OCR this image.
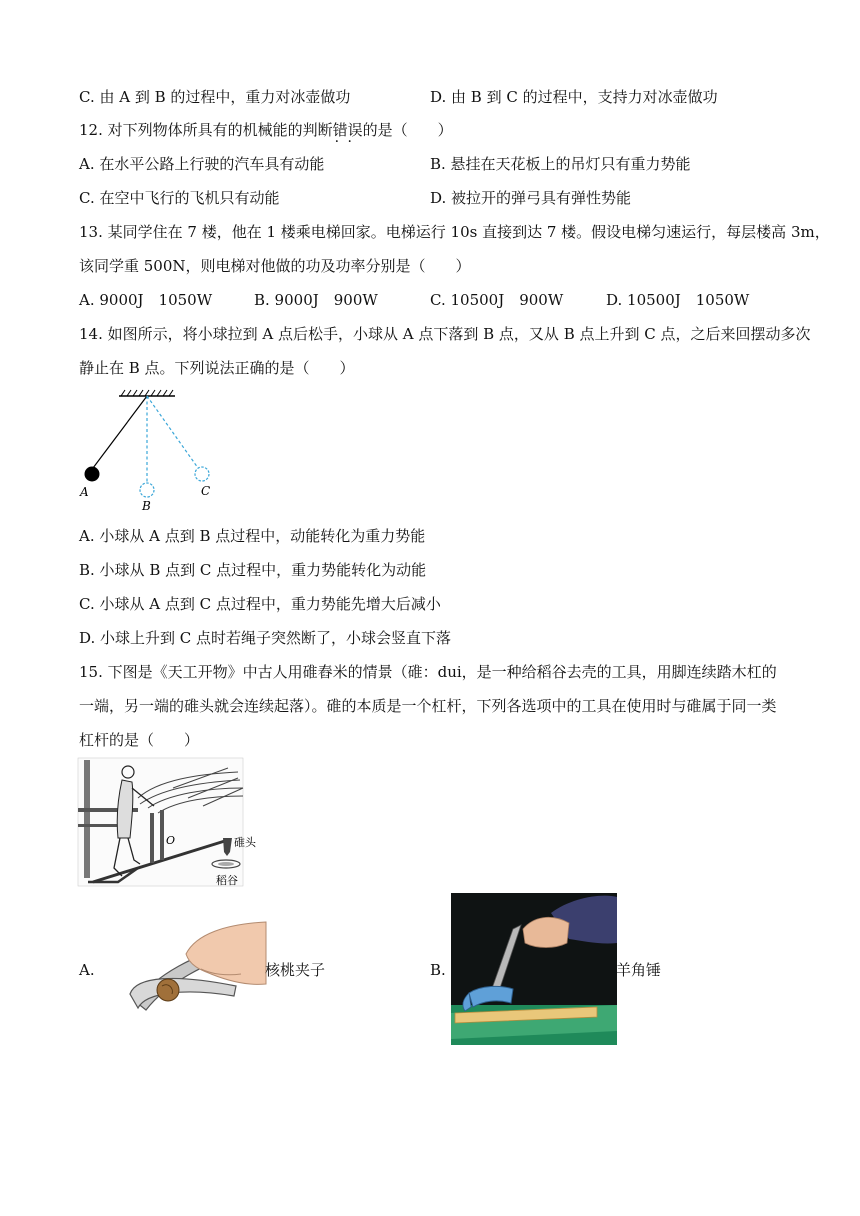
C. 由 A 到 B 的过程中，重力对冰壶做功	D. 由 B 到 C 的过程中，支持力对冰壶做功
12. 对下列物体所具有的机械能的判断错误 · ·的是（　　）
A. 在水平公路上行驶的汽车具有动能	B. 悬挂在天花板上的吊灯只有重力势能
C. 在空中飞行的飞机只有动能	D. 被拉开的弹弓具有弹性势能
13. 某同学住在 7 楼，他在 1 楼乘电梯回家。电梯运行 10s 直接到达 7 楼。假设电梯匀速运行，每层楼高 3m，
该同学重 500N，则电梯对他做的功及功率分别是（　　）
A. 9000J　1050W	B. 9000J　900W	C. 10500J　900W	D. 10500J　1050W
14. 如图所示，将小球拉到 A 点后松手，小球从 A 点下落到 B 点，又从 B 点上升到 C 点，之后来回摆动多次
静止在 B 点。下列说法正确的是（　　）
A
B
C
A. 小球从 A 点到 B 点过程中，动能转化为重力势能
B. 小球从 B 点到 C 点过程中，重力势能转化为动能
C. 小球从 A 点到 C 点过程中，重力势能先增大后减小
D. 小球上升到 C 点时若绳子突然断了，小球会竖直下落
15. 下图是《天工开物》中古人用碓舂米的情景（碓：dui，是一种给稻谷去壳的工具，用脚连续踏木杠的
一端，另一端的碓头就会连续起落）。碓的本质是一个杠杆，下列各选项中的工具在使用时与碓属于同一类
杠杆的是（　　）
O	碓头
稻谷
A.	核桃夹子	B.	羊角锤
